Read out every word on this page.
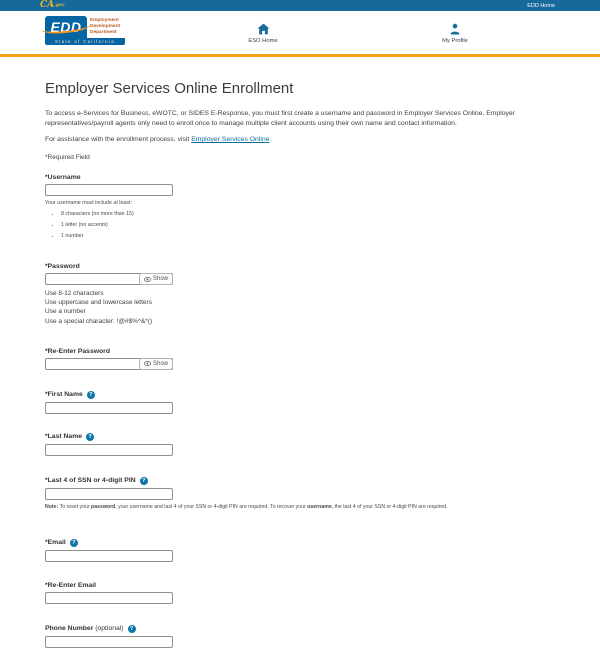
CA.gov	EDD Home
EDD Employment
Development
Department
State of California	ESO Home	My Profile
Employer Services Online Enrollment

To access e-Services for Business, eWOTC, or SIDES E-Response, you must first create a username and password in Employer Services Online. Employer representatives/payroll agents only need to enroll once to manage multiple client accounts using their own name and contact information.

For assistance with the enrollment process, visit Employer Services Online.

*Required Field

*Username
Your username must include at least:
• 8 characters (no more than 15)
• 1 letter (no accents)
• 1 number
*Password
Show
Use 8-12 characters
Use uppercase and lowercase letters
Use a number
Use a special character: !@#$%^&*()
*Re-Enter Password
Show
*First Name	?
*Last Name	?
*Last 4 of SSN or 4-digit PIN	?

Note: To reset your password, your username and last 4 of your SSN or 4-digit PIN are required. To recover your username, the last 4 of your SSN or 4-digit PIN are required.

*Email	?
*Re-Enter Email
Phone Number (optional)	?
